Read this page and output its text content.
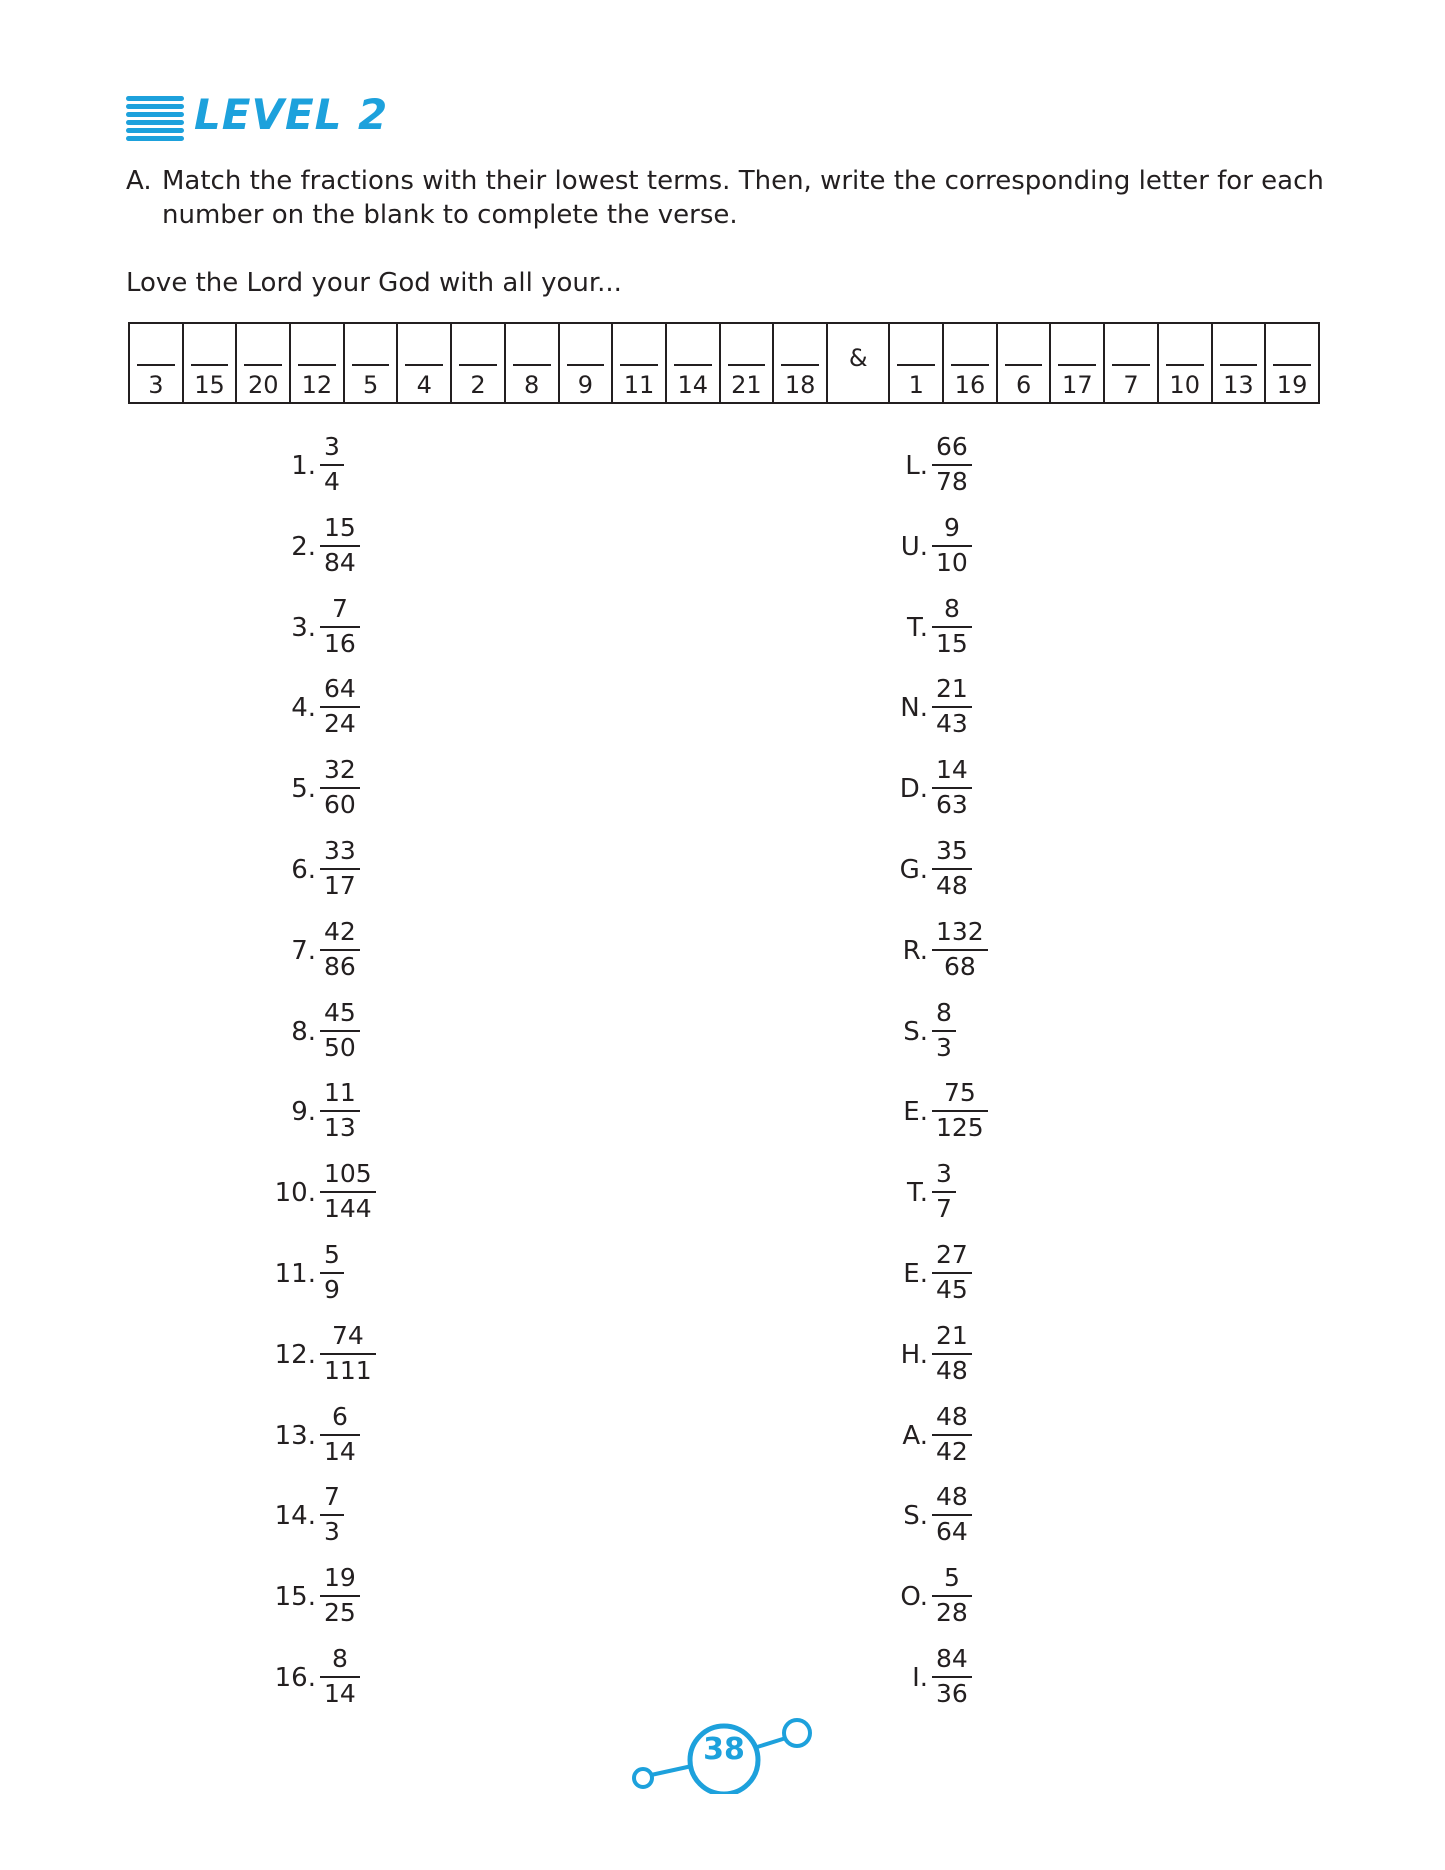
LEVEL 2
A. Match the fractions with their lowest terms. Then, write the corresponding letter for each number on the blank to complete the verse.
Love the Lord your God with all your...
3	15 20 12	5	4	2	8	9	11 14 21 18
&
1	16	6	17	7	10 13 19
1.
3
4
2.
15
84
3.
7
16
4.
64
24
5.
32
60
6.
33
17
7.
42
86
8.
45
50
9.
11
13
10.
105
144
11.
5
9
12.
74
111
13.
6
14
14.
7
3
15.
19
25
16.
8
14
L.
66
78
U.
9
10
T.
8
15
N.
21
43
D.
14
63
G.
35
48
R.
132
68
S.
8
3
E.
75
125
T.
3
7
E.
27
45
H.
21
48
A.
48
42
S.
48
64
O.
5
28
I.
84
36
38
